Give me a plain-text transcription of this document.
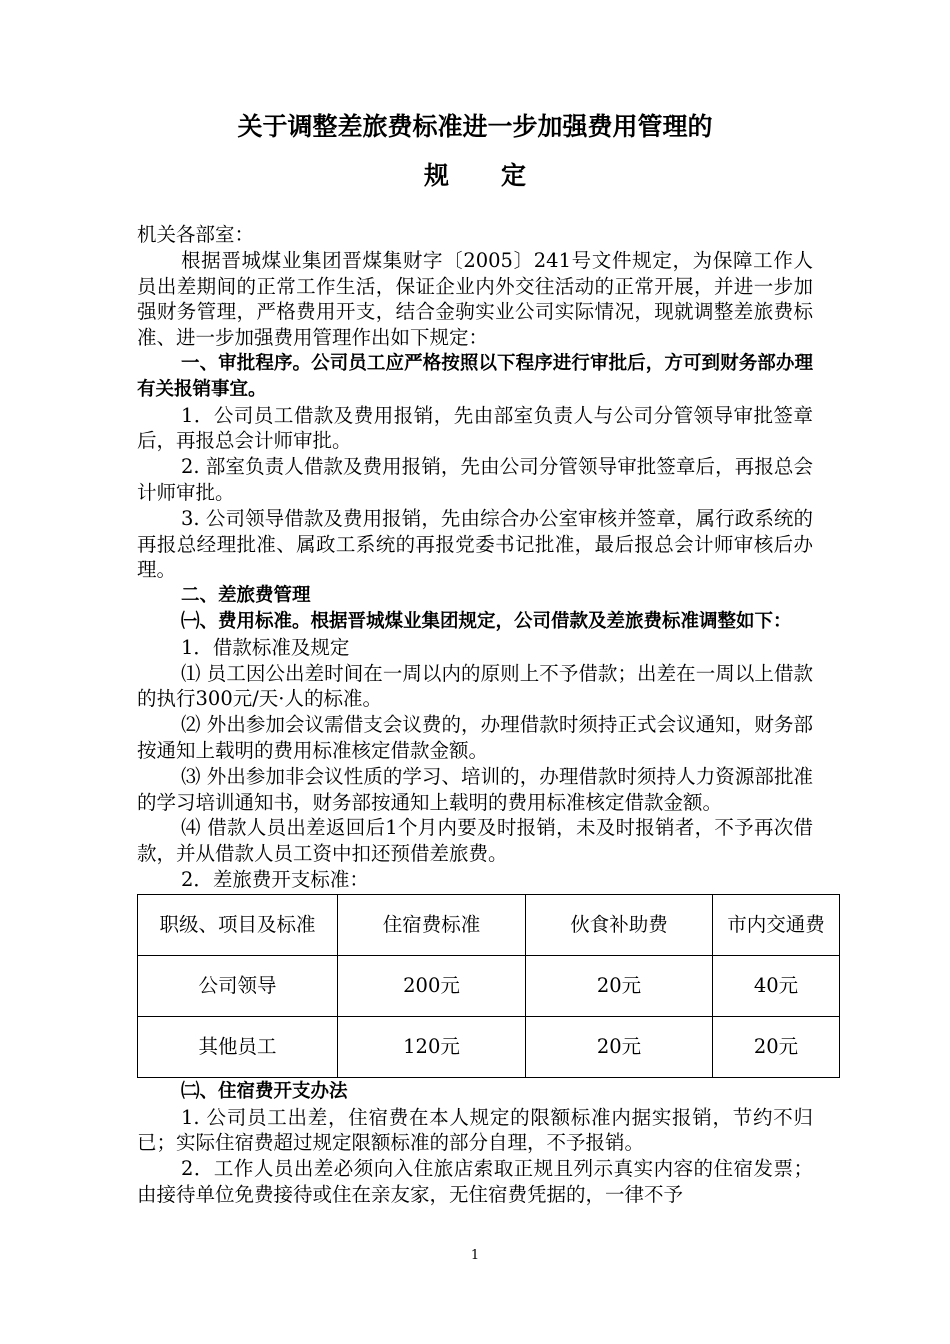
关于调整差旅费标准进一步加强费用管理的
规定

机关各部室：

根据晋城煤业集团晋煤集财字〔2005〕241号文件规定，为保障工作人员出差期间的正常工作生活，保证企业内外交往活动的正常开展，并进一步加强财务管理，严格费用开支，结合金驹实业公司实际情况，现就调整差旅费标准、进一步加强费用管理作出如下规定：

一、审批程序。公司员工应严格按照以下程序进行审批后，方可到财务部办理有关报销事宜。

1．公司员工借款及费用报销，先由部室负责人与公司分管领导审批签章后，再报总会计师审批。

2. 部室负责人借款及费用报销，先由公司分管领导审批签章后，再报总会计师审批。

3. 公司领导借款及费用报销，先由综合办公室审核并签章，属行政系统的再报总经理批准、属政工系统的再报党委书记批准，最后报总会计师审核后办理。

二、差旅费管理

㈠、费用标准。根据晋城煤业集团规定，公司借款及差旅费标准调整如下：

1．借款标准及规定

⑴ 员工因公出差时间在一周以内的原则上不予借款；出差在一周以上借款的执行300元/天·人的标准。

⑵ 外出参加会议需借支会议费的，办理借款时须持正式会议通知，财务部按通知上载明的费用标准核定借款金额。

⑶ 外出参加非会议性质的学习、培训的，办理借款时须持人力资源部批准的学习培训通知书，财务部按通知上载明的费用标准核定借款金额。

⑷ 借款人员出差返回后1个月内要及时报销，未及时报销者，不予再次借款，并从借款人员工资中扣还预借差旅费。

2．差旅费开支标准：

职级、项目及标准	住宿费标准	伙食补助费	市内交通费
公司领导	200元	20元	40元
其他员工	120元	20元	20元

㈡、住宿费开支办法

1. 公司员工出差，住宿费在本人规定的限额标准内据实报销，节约不归已；实际住宿费超过规定限额标准的部分自理，不予报销。

2．工作人员出差必须向入住旅店索取正规且列示真实内容的住宿发票；由接待单位免费接待或住在亲友家，无住宿费凭据的，一律不予

1
